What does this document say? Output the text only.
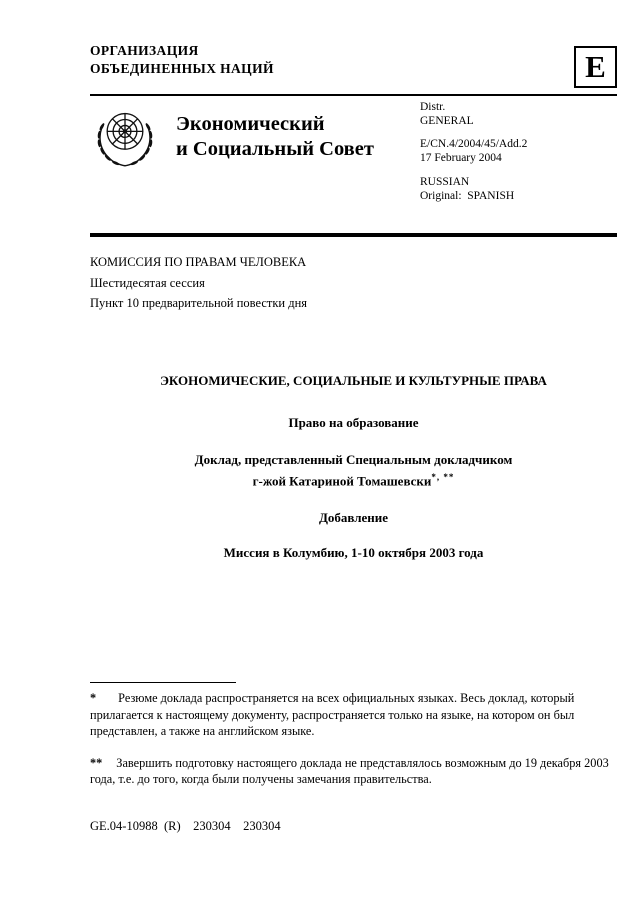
ОРГАНИЗАЦИЯ
ОБЪЕДИНЕННЫХ НАЦИЙ	E
Экономический
и Социальный Совет

Distr.
GENERAL

E/CN.4/2004/45/Add.2
17 February 2004

RUSSIAN
Original:  SPANISH

КОМИССИЯ ПО ПРАВАМ ЧЕЛОВЕКА
Шестидесятая сессия
Пункт 10 предварительной повестки дня
ЭКОНОМИЧЕСКИЕ, СОЦИАЛЬНЫЕ И КУЛЬТУРНЫЕ ПРАВА
Право на образование
Доклад, представленный Специальным докладчиком
г-жой Катариной Томашевски*, **
Добавление
Миссия в Колумбию, 1-10 октября 2003 года

* Резюме доклада распространяется на всех официальных языках. Весь доклад, который прилагается к настоящему документу, распространяется только на языке, на котором он был представлен, а также на английском языке.

** Завершить подготовку настоящего доклада не представлялось возможным до 19 декабря 2003 года, т.е. до того, когда были получены замечания правительства.

GE.04-10988  (R)    230304    230304
